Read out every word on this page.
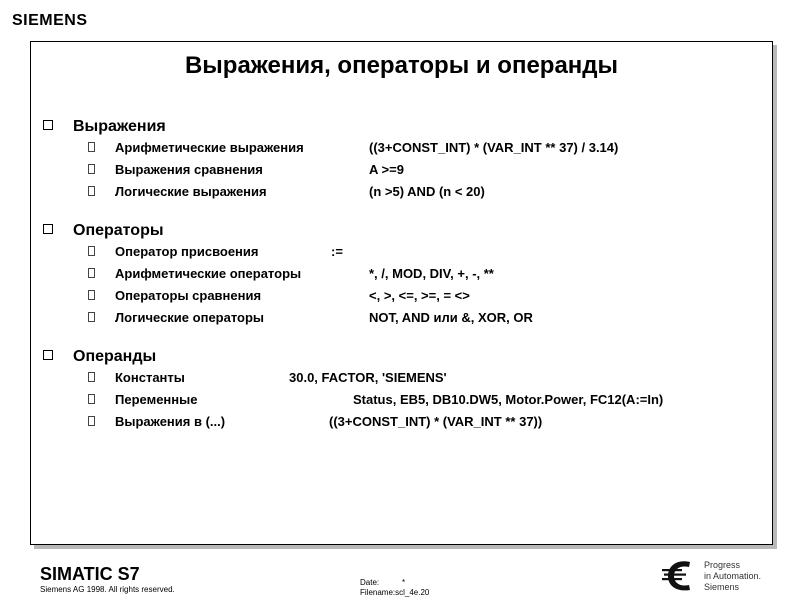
SIEMENS
Выражения, операторы и операнды
Выражения
Арифметические выражения	((3+CONST_INT) * (VAR_INT ** 37) / 3.14)
Выражения сравнения	A >=9
Логические выражения	(n >5) AND (n < 20)
Операторы
Оператор присвоения	:=
Арифметические операторы	*, /, MOD, DIV, +, -, **
Операторы сравнения	<, >, <=, >=, = <>
Логические операторы	NOT, AND или &, XOR, OR
Операнды
Константы	30.0, FACTOR, 'SIEMENS'
Переменные	Status, EB5, DB10.DW5, Motor.Power, FC12(A:=In)
Выражения в (...)	((3+CONST_INT) * (VAR_INT ** 37))
SIMATIC S7
Siemens AG 1998. All rights reserved.
Date:	*
Filename:scl_4e.20
Progress
in Automation.
Siemens
